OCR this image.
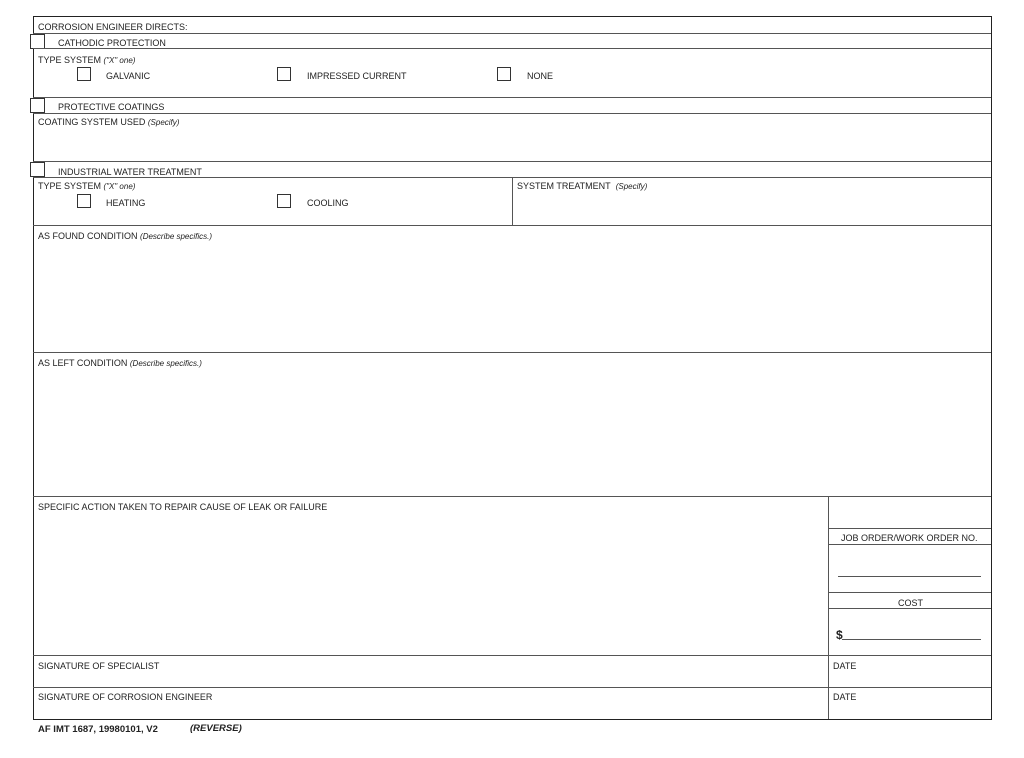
CORROSION ENGINEER DIRECTS:
CATHODIC PROTECTION
TYPE SYSTEM ("X" one)
GALVANIC	IMPRESSED CURRENT	NONE
PROTECTIVE COATINGS
COATING SYSTEM USED (Specify)
INDUSTRIAL WATER TREATMENT
TYPE SYSTEM ("X" one)
HEATING	COOLING
SYSTEM TREATMENT (Specify)
AS FOUND CONDITION (Describe specifics.)
AS LEFT CONDITION (Describe specifics.)
SPECIFIC ACTION TAKEN TO REPAIR CAUSE OF LEAK OR FAILURE
JOB ORDER/WORK ORDER NO.
COST
$
SIGNATURE OF SPECIALIST	DATE
SIGNATURE OF CORROSION ENGINEER	DATE
AF IMT 1687, 19980101, V2	(REVERSE)
